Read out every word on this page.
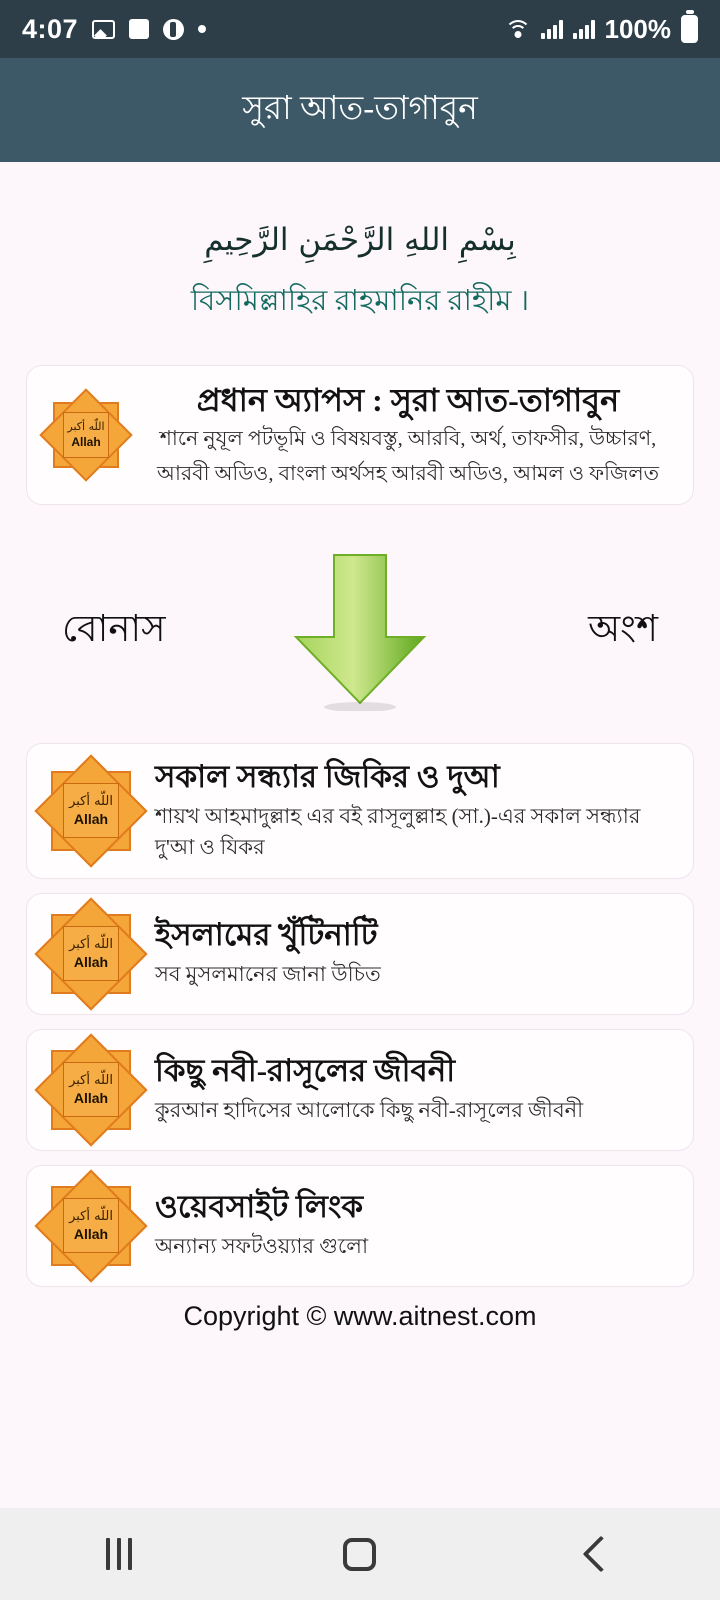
4:07	100%
সুরা আত-তাগাবুন
بِسْمِ اللهِ الرَّحْمَنِ الرَّحِيمِ
বিসমিল্লাহির রাহমানির রাহীম ।
اللّه أكبر
Allah
প্রধান অ্যাপস : সুরা আত-তাগাবুন
শানে নুযূল পটভূমি ও বিষয়বস্তু, আরবি, অর্থ, তাফসীর, উচ্চারণ,
আরবী অডিও, বাংলা অর্থসহ আরবী অডিও, আমল ও ফজিলত
বোনাস	অংশ
اللّه أكبر
Allah
সকাল সন্ধ্যার জিকির ও দুআ
শায়খ আহমাদুল্লাহ এর বই রাসূলুল্লাহ (সা.)-এর সকাল সন্ধ্যার দু'আ ও যিকর
اللّه أكبر
Allah
ইসলামের খুঁটিনাটি
সব মুসলমানের জানা উচিত
اللّه أكبر
Allah
কিছু নবী-রাসূলের জীবনী
কুরআন হাদিসের আলোকে কিছু নবী-রাসূলের জীবনী
اللّه أكبر
Allah
ওয়েবসাইট লিংক
অন্যান্য সফটওয়্যার গুলো
Copyright © www.aitnest.com
